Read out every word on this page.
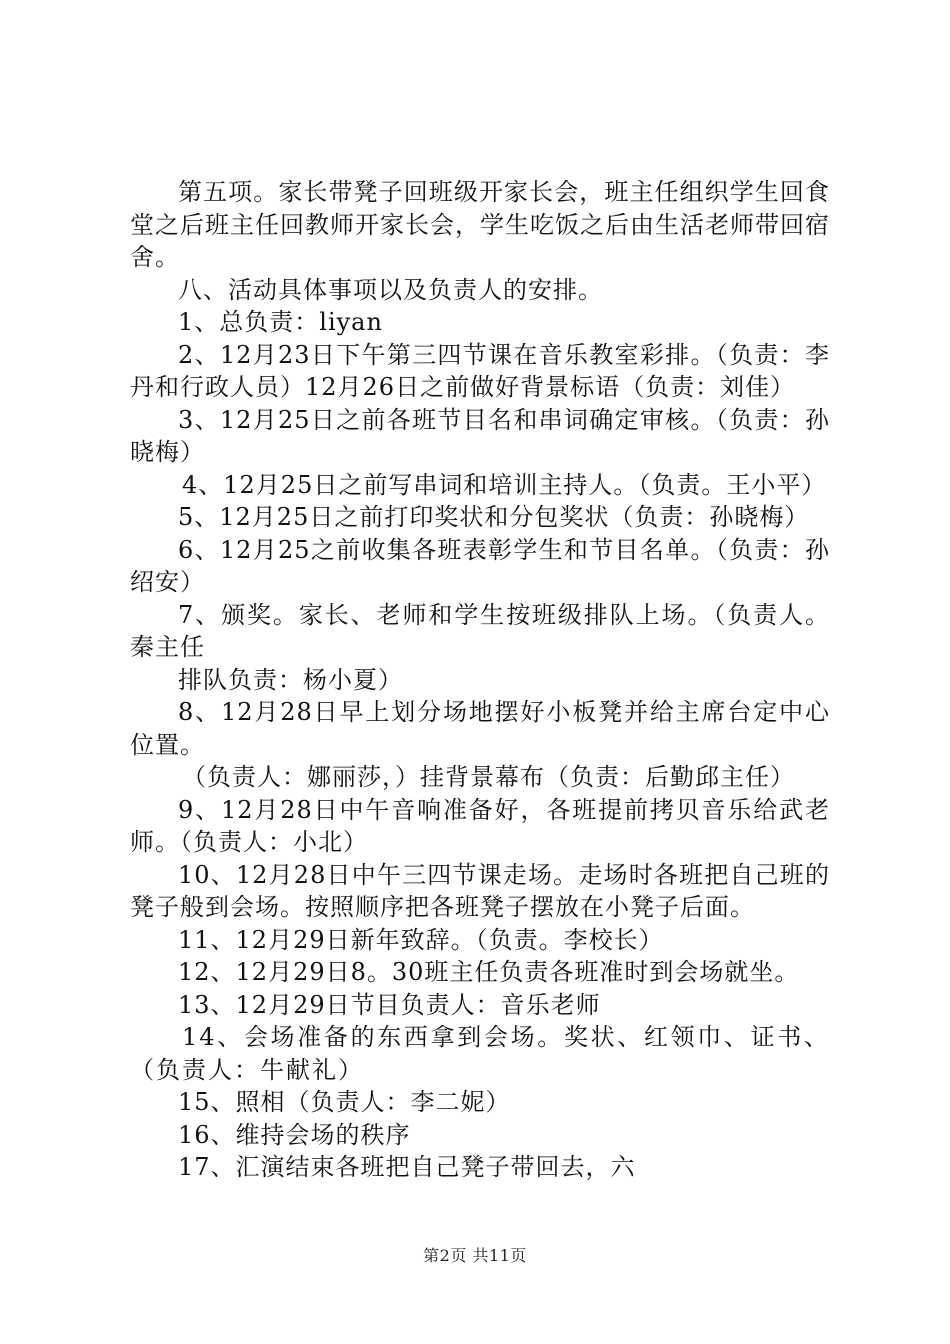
第五项。家长带凳子回班级开家长会，班主任组织学生回食堂之后班主任回教师开家长会，学生吃饭之后由生活老师带回宿舍。

八、活动具体事项以及负责人的安排。

1、总负责：liyan

2、12月23日下午第三四节课在音乐教室彩排。（负责：李丹和行政人员）12月26日之前做好背景标语（负责：刘佳）

3、12月25日之前各班节目名和串词确定审核。（负责：孙晓梅）

4、12月25日之前写串词和培训主持人。（负责。王小平）

5、12月25日之前打印奖状和分包奖状（负责：孙晓梅）

6、12月25之前收集各班表彰学生和节目名单。（负责：孙绍安）

7、颁奖。家长、老师和学生按班级排队上场。（负责人。秦主任

排队负责：杨小夏）

8、12月28日早上划分场地摆好小板凳并给主席台定中心位置。

（负责人：娜丽莎，）挂背景幕布（负责：后勤邱主任）

9、12月28日中午音响准备好，各班提前拷贝音乐给武老师。（负责人：小北）

10、12月28日中午三四节课走场。走场时各班把自己班的凳子般到会场。按照顺序把各班凳子摆放在小凳子后面。

11、12月29日新年致辞。（负责。李校长）

12、12月29日8。30班主任负责各班准时到会场就坐。

13、12月29日节目负责人：音乐老师

14、会场准备的东西拿到会场。奖状、红领巾、证书、（负责人：牛献礼）

15、照相（负责人：李二妮）

16、维持会场的秩序

17、汇演结束各班把自己凳子带回去，六

第2页 共11页
